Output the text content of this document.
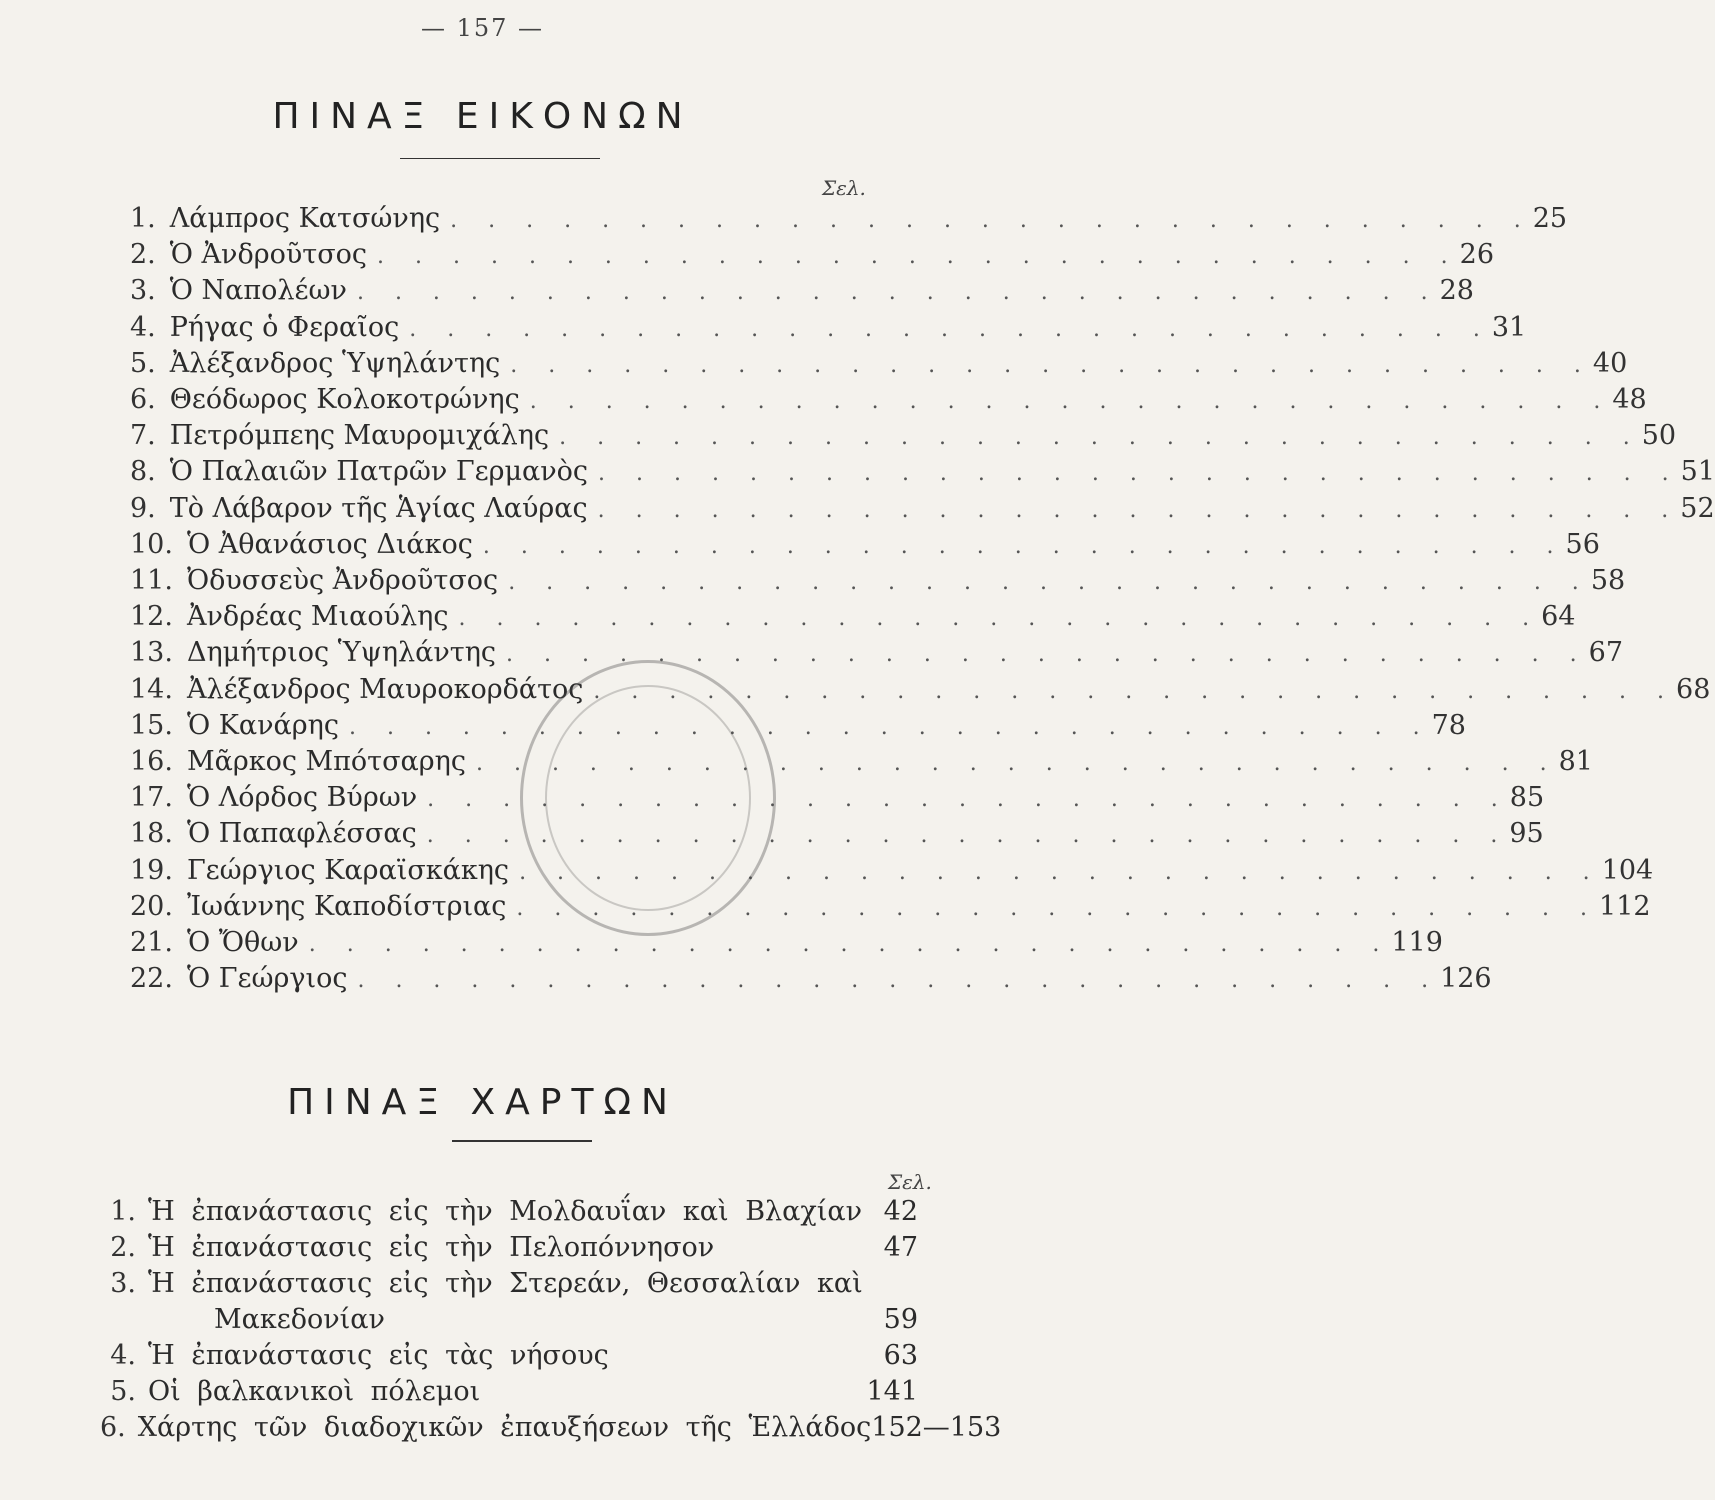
— 157 —
ΠΙΝΑΞ ΕΙΚΟΝΩΝ
Σελ.
1. Λάμπρος Κατσώνης . . . . . . . . . . . . . . . . . . . . . . . . . . . . . 25
2. Ὁ Ἀνδροῦτσος . . . . . . . . . . . . . . . . . . . . . . . . . . . . . 26
3. Ὁ Ναπολέων . . . . . . . . . . . . . . . . . . . . . . . . . . . . . 28
4. Ρήγας ὁ Φεραῖος . . . . . . . . . . . . . . . . . . . . . . . . . . . . . 31
5. Ἀλέξανδρος Ὑψηλάντης . . . . . . . . . . . . . . . . . . . . . . . . . . . . . 40
6. Θεόδωρος Κολοκοτρώνης . . . . . . . . . . . . . . . . . . . . . . . . . . . . . 48
7. Πετρόμπεης Μαυρομιχάλης . . . . . . . . . . . . . . . . . . . . . . . . . . . . . 50
8. Ὁ Παλαιῶν Πατρῶν Γερμανὸς . . . . . . . . . . . . . . . . . . . . . . . . . . . . . 51
9. Τὸ Λάβαρον τῆς Ἁγίας Λαύρας . . . . . . . . . . . . . . . . . . . . . . . . . . . . . 52
10. Ὁ Ἀθανάσιος Διάκος . . . . . . . . . . . . . . . . . . . . . . . . . . . . . 56
11. Ὀδυσσεὺς Ἀνδροῦτσος . . . . . . . . . . . . . . . . . . . . . . . . . . . . . 58
12. Ἀνδρέας Μιαούλης . . . . . . . . . . . . . . . . . . . . . . . . . . . . . 64
13. Δημήτριος Ὑψηλάντης . . . . . . . . . . . . . . . . . . . . . . . . . . . . . 67
14. Ἀλέξανδρος Μαυροκορδάτος . . . . . . . . . . . . . . . . . . . . . . . . . . . . . 68
15. Ὁ Κανάρης . . . . . . . . . . . . . . . . . . . . . . . . . . . . . 78
16. Μᾶρκος Μπότσαρης . . . . . . . . . . . . . . . . . . . . . . . . . . . . . 81
17. Ὁ Λόρδος Βύρων . . . . . . . . . . . . . . . . . . . . . . . . . . . . . 85
18. Ὁ Παπαφλέσσας . . . . . . . . . . . . . . . . . . . . . . . . . . . . . 95
19. Γεώργιος Καραϊσκάκης . . . . . . . . . . . . . . . . . . . . . . . . . . . . . 104
20. Ἰωάννης Καποδίστριας . . . . . . . . . . . . . . . . . . . . . . . . . . . . . 112
21. Ὁ Ὄθων . . . . . . . . . . . . . . . . . . . . . . . . . . . . . 119
22. Ὁ Γεώργιος . . . . . . . . . . . . . . . . . . . . . . . . . . . . . 126
ΠΙΝΑΞ ΧΑΡΤΩΝ
Σελ.
1. Ἡ ἐπανάστασις εἰς τὴν Μολδαυΐαν καὶ Βλαχίαν 42
2. Ἡ ἐπανάστασις εἰς τὴν Πελοπόννησον	47
3. Ἡ ἐπανάστασις εἰς τὴν Στερεάν, Θεσσαλίαν καὶ
Μακεδονίαν	59
4. Ἡ ἐπανάστασις εἰς τὰς νήσους	63
5. Οἱ βαλκανικοὶ πόλεμοι	141
6. Χάρτης τῶν διαδοχικῶν ἐπαυξήσεων τῆς Ἑλλάδος 152—153
